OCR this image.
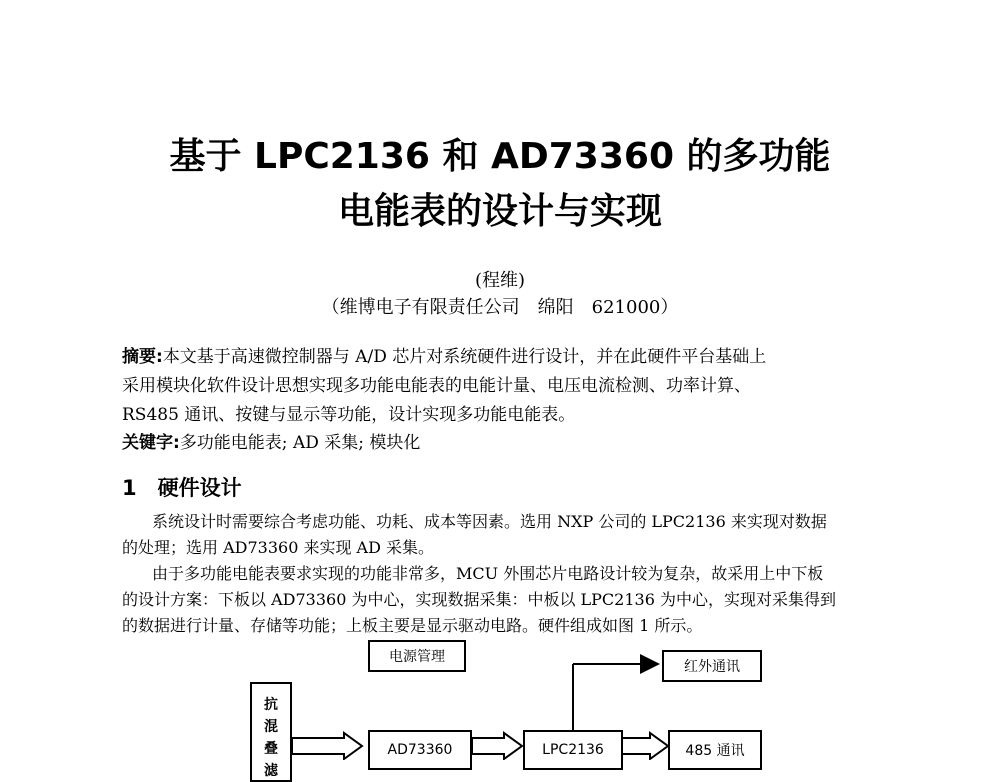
基于 LPC2136 和 AD73360 的多功能
电能表的设计与实现
(程维)
（维博电子有限责任公司　绵阳　621000）
摘要:本文基于高速微控制器与 A/D 芯片对系统硬件进行设计，并在此硬件平台基础上
采用模块化软件设计思想实现多功能电能表的电能计量、电压电流检测、功率计算、
RS485 通讯、按键与显示等功能，设计实现多功能电能表。
关键字:多功能电能表; AD 采集; 模块化
1　硬件设计
系统设计时需要综合考虑功能、功耗、成本等因素。选用 NXP 公司的 LPC2136 来实现对数据
的处理；选用 AD73360 来实现 AD 采集。
由于多功能电能表要求实现的功能非常多，MCU 外围芯片电路设计较为复杂，故采用上中下板
的设计方案：下板以 AD73360 为中心，实现数据采集：中板以 LPC2136 为中心，实现对采集得到
的数据进行计量、存储等功能；上板主要是显示驱动电路。硬件组成如图 1 所示。
电源管理
红外通讯
抗
混
叠
滤
AD73360	LPC2136	485 通讯
